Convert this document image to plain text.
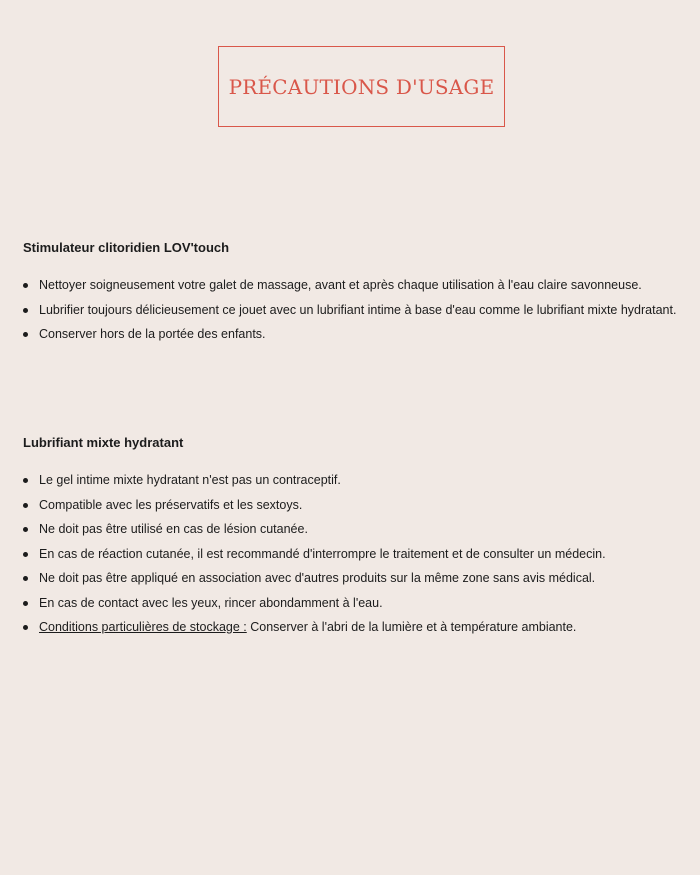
PRÉCAUTIONS D'USAGE
Stimulateur clitoridien LOV'touch
Nettoyer soigneusement votre galet de massage, avant et après chaque utilisation à l'eau claire savonneuse.
Lubrifier toujours délicieusement ce jouet avec un lubrifiant intime à base d'eau comme le lubrifiant mixte hydratant.
Conserver hors de la portée des enfants.
Lubrifiant mixte hydratant
Le gel intime mixte hydratant n'est pas un contraceptif.
Compatible avec les préservatifs et les sextoys.
Ne doit pas être utilisé en cas de lésion cutanée.
En cas de réaction cutanée, il est recommandé d'interrompre le traitement et de consulter un médecin.
Ne doit pas être appliqué en association avec d'autres produits sur la même zone sans avis médical.
En cas de contact avec les yeux, rincer abondamment à l'eau.
Conditions particulières de stockage : Conserver à l'abri de la lumière et à température ambiante.
